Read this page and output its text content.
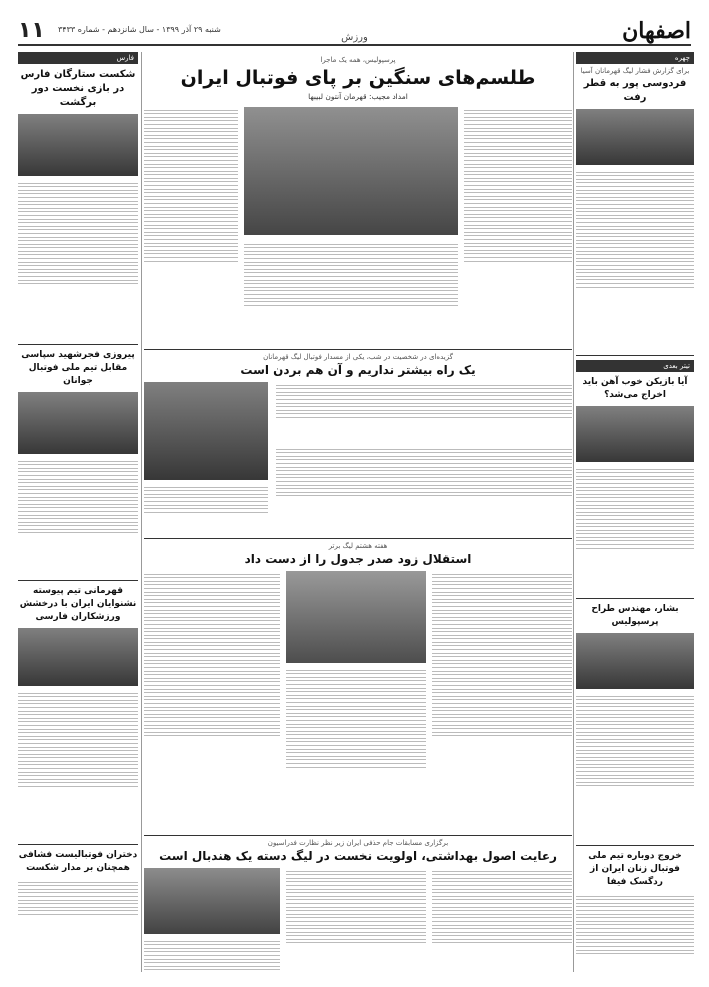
۱۱ شنبه ۲۹ آذر ۱۳۹۹ - سال شانزدهم - شماره ۳۴۳۳	اصفهان
ورزش
چهره
برای گزارش فشار لیگ قهرمانان آسیا
فردوسی پور به قطر رفت
تیتر بعدی
آیا بازیکن خوب آهن باید اخراج می‌شد؟
بشار، مهندس طراح پرسپولیس
خروج دوباره تیم ملی فوتبال زنان ایران از ردگسک فیفا
فارس
شکست ستارگان فارس در بازی نخست دور برگشت
پیروزی فجرشهید سپاسی مقابل تیم ملی فوتبال جوانان
قهرمانی تیم پیوسته نشنوایان ایران با درخشش ورزشکاران فارسی
دختران فوتبالیست فشافی همچنان بر مدار شکست
پرسپولیس، همه یک ماجرا
طلسم‌های سنگین بر پای فوتبال ایران
امداد مجیب: قهرمان آنتون لبیبها
گزیده‌ای در شخصیت در شب، یکی از مسدار فوتبال لیگ قهرمانان
یک راه بیشتر نداریم و آن هم بردن است
هفته هشتم لیگ برتر
استقلال زود صدر جدول را از دست داد
برگزاری مسابقات جام حذفی ایران زیر نظر نظارت فدراسیون
رعایت اصول بهداشتی، اولویت نخست در لیگ دسته یک هندبال است
